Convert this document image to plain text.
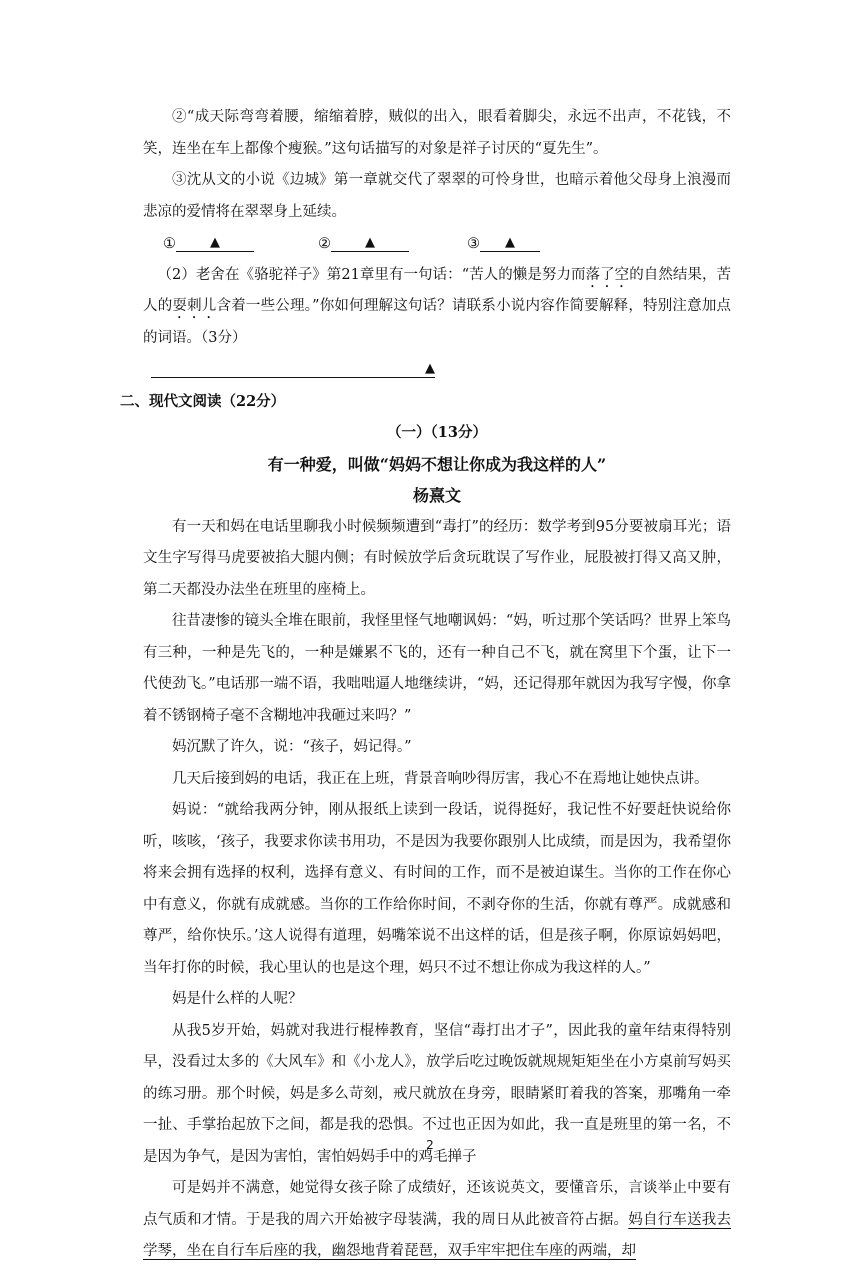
②“成天际弯弯着腰，缩缩着脖，贼似的出入，眼看着脚尖，永远不出声，不花钱，不笑，连坐在车上都像个瘦猴。”这句话描写的对象是祥子讨厌的“夏先生”。

③沈从文的小说《边城》第一章就交代了翠翠的可怜身世，也暗示着他父母身上浪漫而悲凉的爱情将在翠翠身上延续。

①	▲	②	▲	③	▲

（2）老舍在《骆驼祥子》第21章里有一句话：“苦人的懒是努力而落了空的自然结果，苦人的耍刺儿含着一些公理。”你如何理解这句话？请联系小说内容作简要解释，特别注意加点的词语。（3分）

▲

二、现代文阅读（22分）

（一）（13分）

有一种爱，叫做“妈妈不想让你成为我这样的人”

杨熹文

有一天和妈在电话里聊我小时候频频遭到“毒打”的经历：数学考到95分要被扇耳光；语文生字写得马虎要被掐大腿内侧；有时候放学后贪玩耽误了写作业，屁股被打得又高又肿，第二天都没办法坐在班里的座椅上。

往昔凄惨的镜头全堆在眼前，我怪里怪气地嘲讽妈：“妈，听过那个笑话吗？世界上笨鸟有三种，一种是先飞的，一种是嫌累不飞的，还有一种自己不飞，就在窝里下个蛋，让下一代使劲飞。”电话那一端不语，我咄咄逼人地继续讲，“妈，还记得那年就因为我写字慢，你拿着不锈钢椅子毫不含糊地冲我砸过来吗？”

妈沉默了许久，说：“孩子，妈记得。”

几天后接到妈的电话，我正在上班，背景音响吵得厉害，我心不在焉地让她快点讲。

妈说：“就给我两分钟，刚从报纸上读到一段话，说得挺好，我记性不好要赶快说给你听，咳咳，‘孩子，我要求你读书用功，不是因为我要你跟别人比成绩，而是因为，我希望你将来会拥有选择的权利，选择有意义、有时间的工作，而不是被迫谋生。当你的工作在你心中有意义，你就有成就感。当你的工作给你时间，不剥夺你的生活，你就有尊严。成就感和尊严，给你快乐。’这人说得有道理，妈嘴笨说不出这样的话，但是孩子啊，你原谅妈妈吧，当年打你的时候，我心里认的也是这个理，妈只不过不想让你成为我这样的人。”

妈是什么样的人呢？

从我5岁开始，妈就对我进行棍棒教育，坚信“毒打出才子”，因此我的童年结束得特别早，没看过太多的《大风车》和《小龙人》，放学后吃过晚饭就规规矩矩坐在小方桌前写妈买的练习册。那个时候，妈是多么苛刻，戒尺就放在身旁，眼睛紧盯着我的答案，那嘴角一牵一扯、手掌抬起放下之间，都是我的恐惧。不过也正因为如此，我一直是班里的第一名，不是因为争气，是因为害怕，害怕妈妈手中的鸡毛掸子

可是妈并不满意，她觉得女孩子除了成绩好，还该说英文，要懂音乐，言谈举止中要有点气质和才情。于是我的周六开始被字母装满，我的周日从此被音符占据。妈自行车送我去学琴，坐在自行车后座的我，幽怨地背着琵琶，双手牢牢把住车座的两端，却

2
